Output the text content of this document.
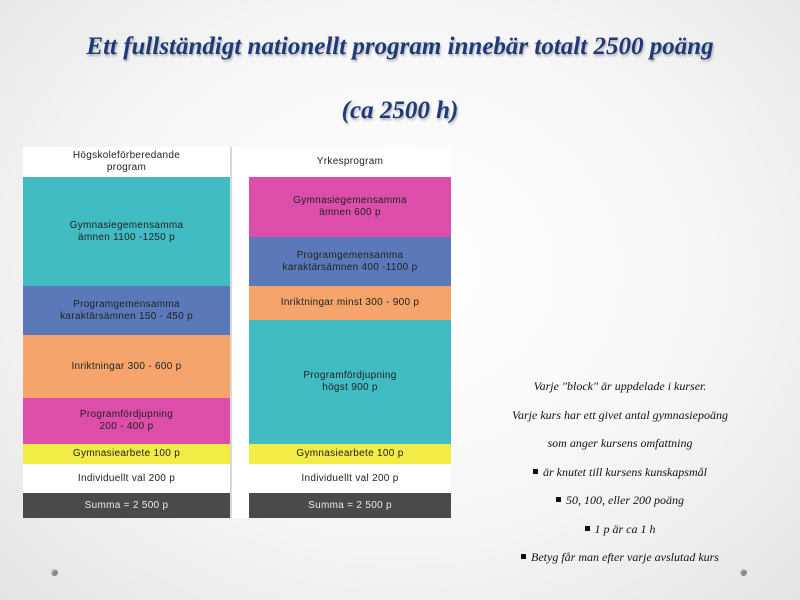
Ett fullständigt nationellt program innebär totalt 2500 poäng
(ca 2500 h)
Högskoleförberedande
program
Gymnasiegemensamma
ämnen 1100 -1250 p
Programgemensamma
karaktärsämnen 150 - 450 p
Inriktningar 300 - 600 p
Programfördjupning
200 - 400 p
Gymnasiearbete 100 p
Individuellt val 200 p
Summa = 2 500 p
Yrkesprogram
Gymnasiegemensamma
ämnen 600 p
Programgemensamma
karaktärsämnen 400 -1100 p
Inriktningar minst 300 - 900 p
Programfördjupning
högst 900 p
Gymnasiearbete 100 p
Individuellt val 200 p
Summa = 2 500 p
Varje "block" är uppdelade i kurser.
Varje kurs har ett givet antal gymnasiepoäng
som anger kursens omfattning
är knutet till kursens kunskapsmål
50, 100, eller 200 poäng
1 p är ca 1 h
Betyg får man efter varje avslutad kurs
